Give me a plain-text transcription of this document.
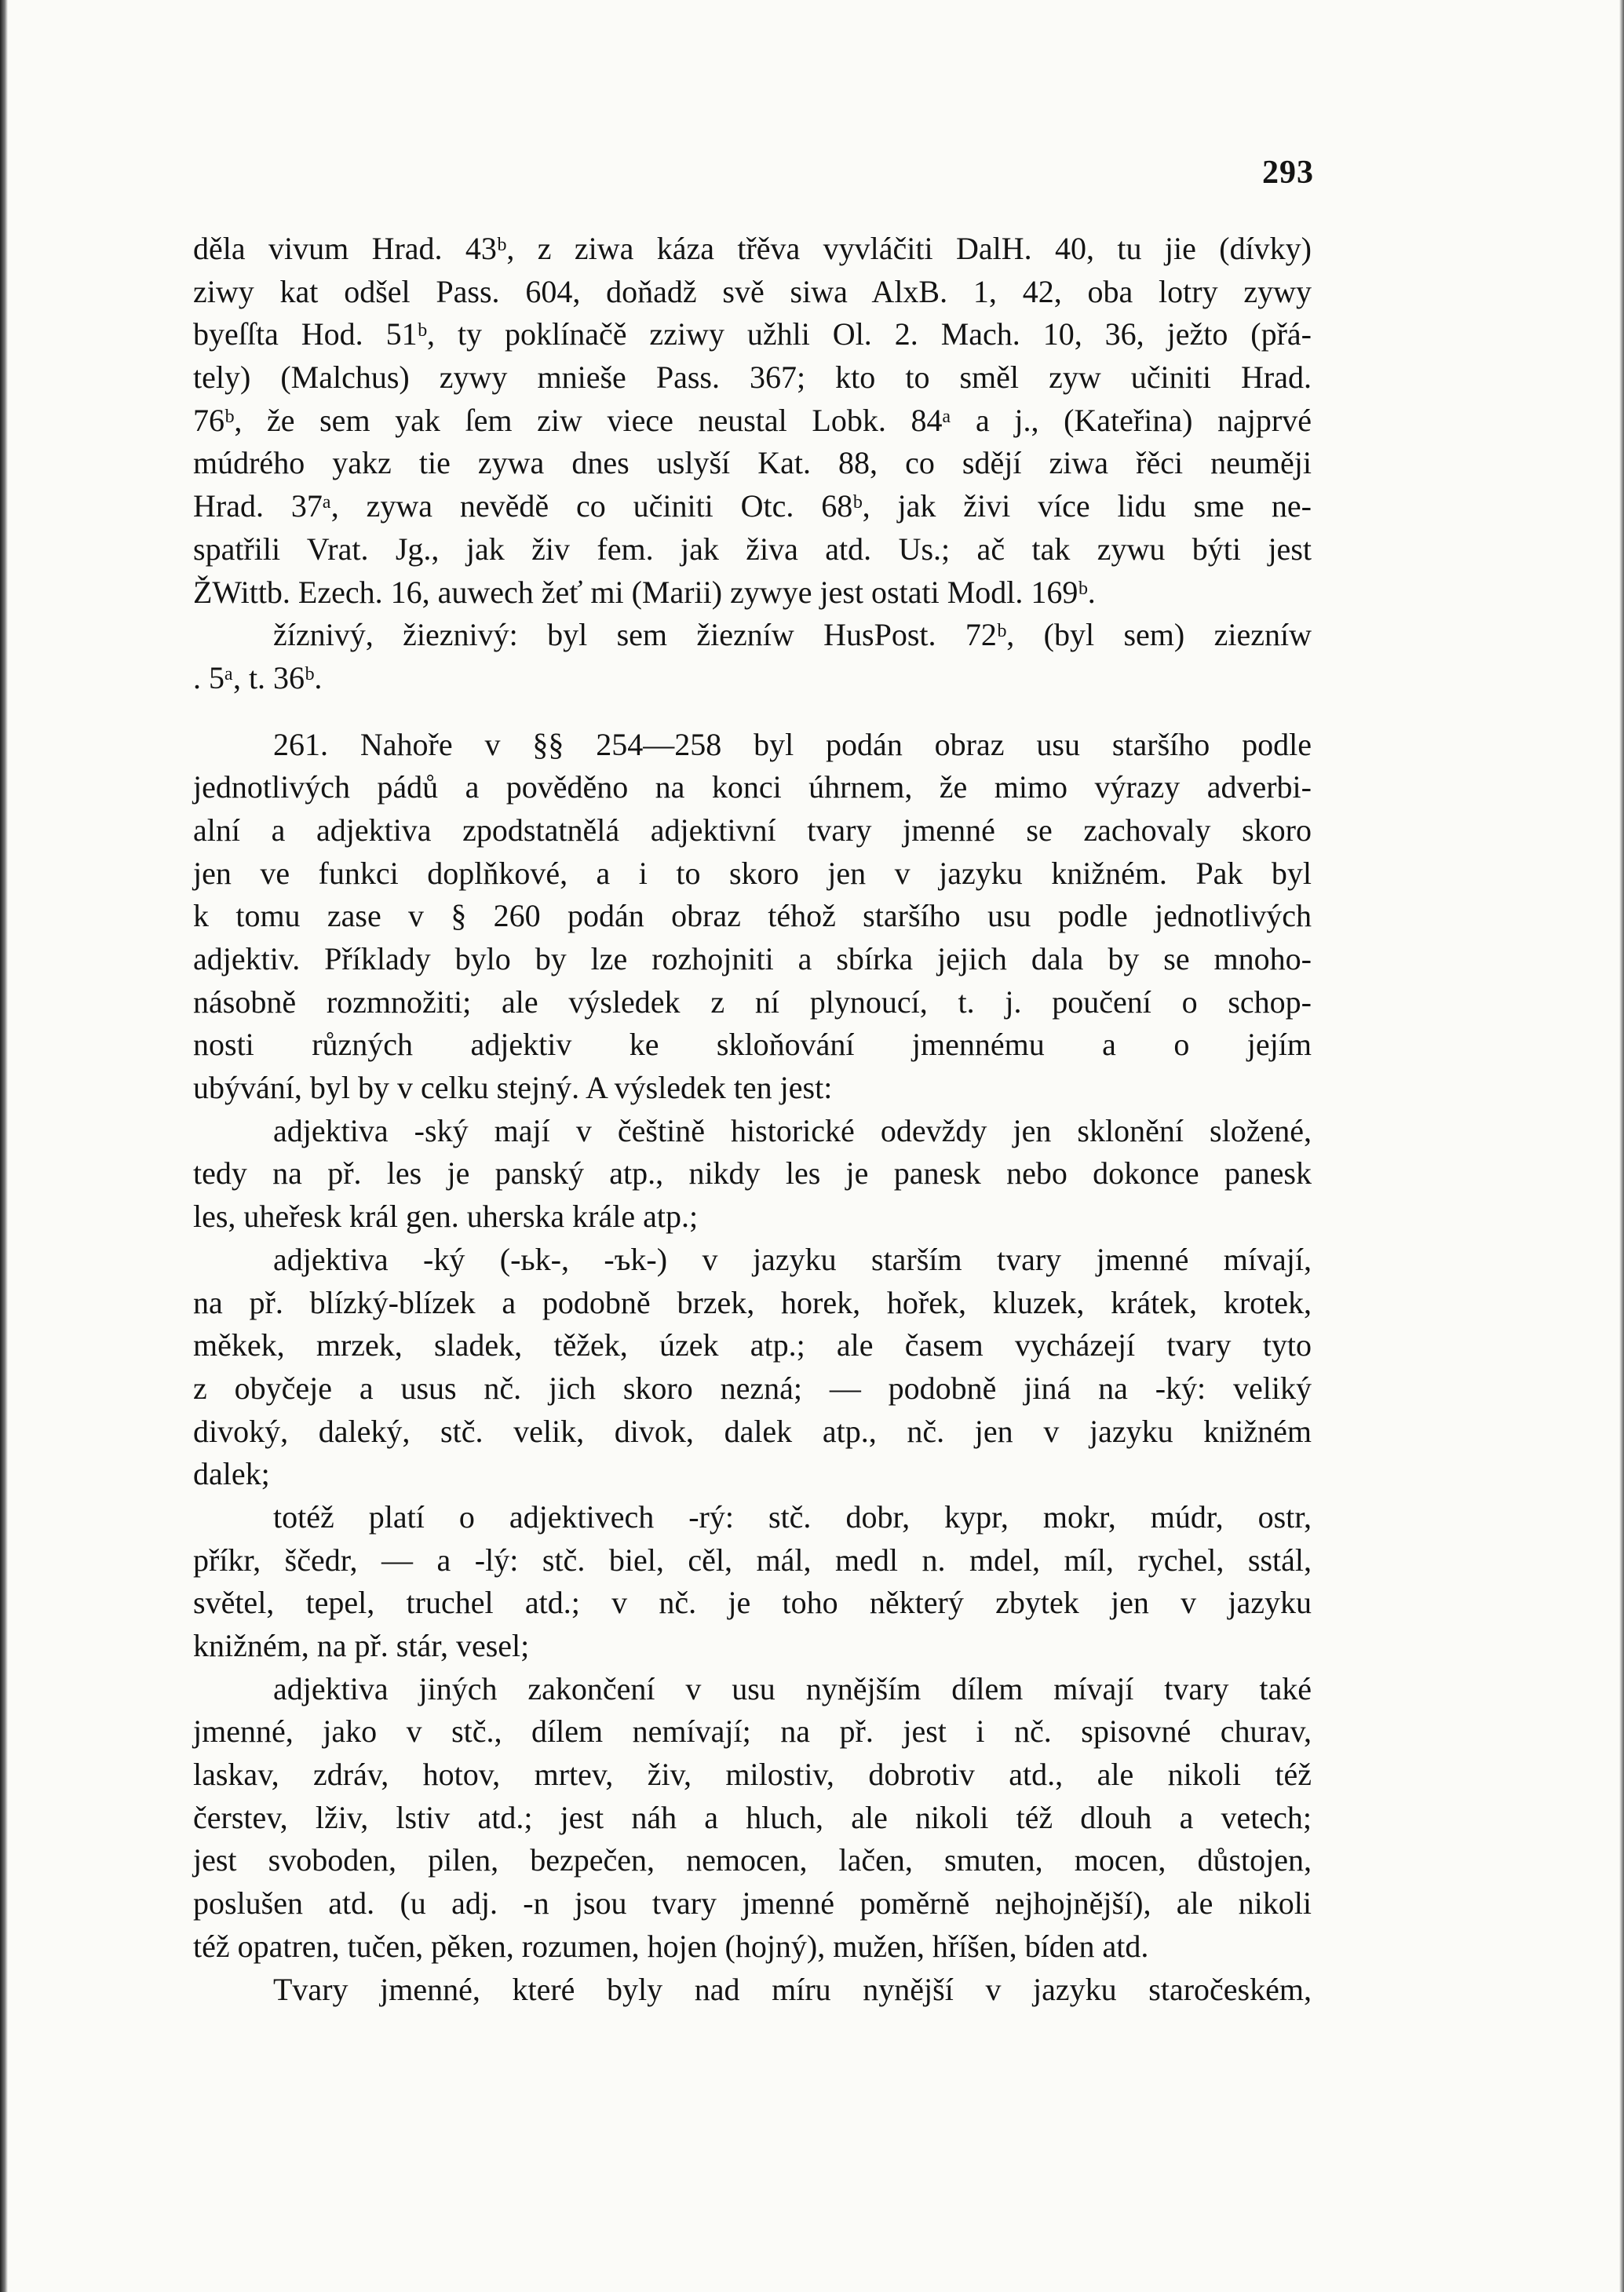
293
děla vivum Hrad. 43ᵇ, z ziwa káza třěva vyvláčiti DalH. 40, tu jie (dívky)
ziwy kat odšel Pass. 604, doňadž svě siwa AlxB. 1, 42, oba lotry zywy
byeſſta Hod. 51ᵇ, ty poklínačě zziwy užhli Ol. 2. Mach. 10, 36, ježto (přá-
tely) (Malchus) zywy mnieše Pass. 367; kto to směl zyw učiniti Hrad.
76ᵇ, že sem yak ſem ziw viece neustal Lobk. 84ᵃ a j., (Kateřina) najprvé
múdrého yakz tie zywa dnes uslyší Kat. 88, co sdějí ziwa řěci neuměji
Hrad. 37ᵃ, zywa nevědě co učiniti Otc. 68ᵇ, jak živi více lidu sme ne-
spatřili Vrat. Jg., jak živ fem. jak živa atd. Us.; ač tak zywu býti jest
ŽWittb. Ezech. 16, auwech žeť mi (Marii) zywye jest ostati Modl. 169ᵇ.
žíznivý, žieznivý: byl sem žiezníw HusPost. 72ᵇ, (byl sem) ziezníw
. 5ᵃ, t. 36ᵇ.
261. Nahoře v §§ 254—258 byl podán obraz usu staršího podle
jednotlivých pádů a pověděno na konci úhrnem, že mimo výrazy adverbi-
alní a adjektiva zpodstatnělá adjektivní tvary jmenné se zachovaly skoro
jen ve funkci doplňkové, a i to skoro jen v jazyku knižném. Pak byl
k tomu zase v § 260 podán obraz téhož staršího usu podle jednotlivých
adjektiv. Příklady bylo by lze rozhojniti a sbírka jejich dala by se mnoho-
násobně rozmnožiti; ale výsledek z ní plynoucí, t. j. poučení o schop-
nosti různých adjektiv ke skloňování jmennému a o jejím
ubývání, byl by v celku stejný. A výsledek ten jest:
adjektiva -ský mají v češtině historické odevždy jen sklonění složené,
tedy na př. les je panský atp., nikdy les je panesk nebo dokonce panesk
les, uheřesk král gen. uherska krále atp.;
adjektiva -ký (-ьk-, -ъk-) v jazyku starším tvary jmenné mívají,
na př. blízký-blízek a podobně brzek, horek, hořek, kluzek, krátek, krotek,
měkek, mrzek, sladek, těžek, úzek atp.; ale časem vycházejí tvary tyto
z obyčeje a usus nč. jich skoro nezná; — podobně jiná na -ký: veliký
divoký, daleký, stč. velik, divok, dalek atp., nč. jen v jazyku knižném
dalek;
totéž platí o adjektivech -rý: stč. dobr, kypr, mokr, múdr, ostr,
příkr, ščedr, — a -lý: stč. biel, cěl, mál, medl n. mdel, míl, rychel, sstál,
světel, tepel, truchel atd.; v nč. je toho některý zbytek jen v jazyku
knižném, na př. stár, vesel;
adjektiva jiných zakončení v usu nynějším dílem mívají tvary také
jmenné, jako v stč., dílem nemívají; na př. jest i nč. spisovné churav,
laskav, zdráv, hotov, mrtev, živ, milostiv, dobrotiv atd., ale nikoli též
čerstev, lživ, lstiv atd.; jest náh a hluch, ale nikoli též dlouh a vetech;
jest svoboden, pilen, bezpečen, nemocen, lačen, smuten, mocen, důstojen,
poslušen atd. (u adj. -n jsou tvary jmenné poměrně nejhojnější), ale nikoli
též opatren, tučen, pěken, rozumen, hojen (hojný), mužen, hříšen, bíden atd.
Tvary jmenné, které byly nad míru nynější v jazyku staročeském,
